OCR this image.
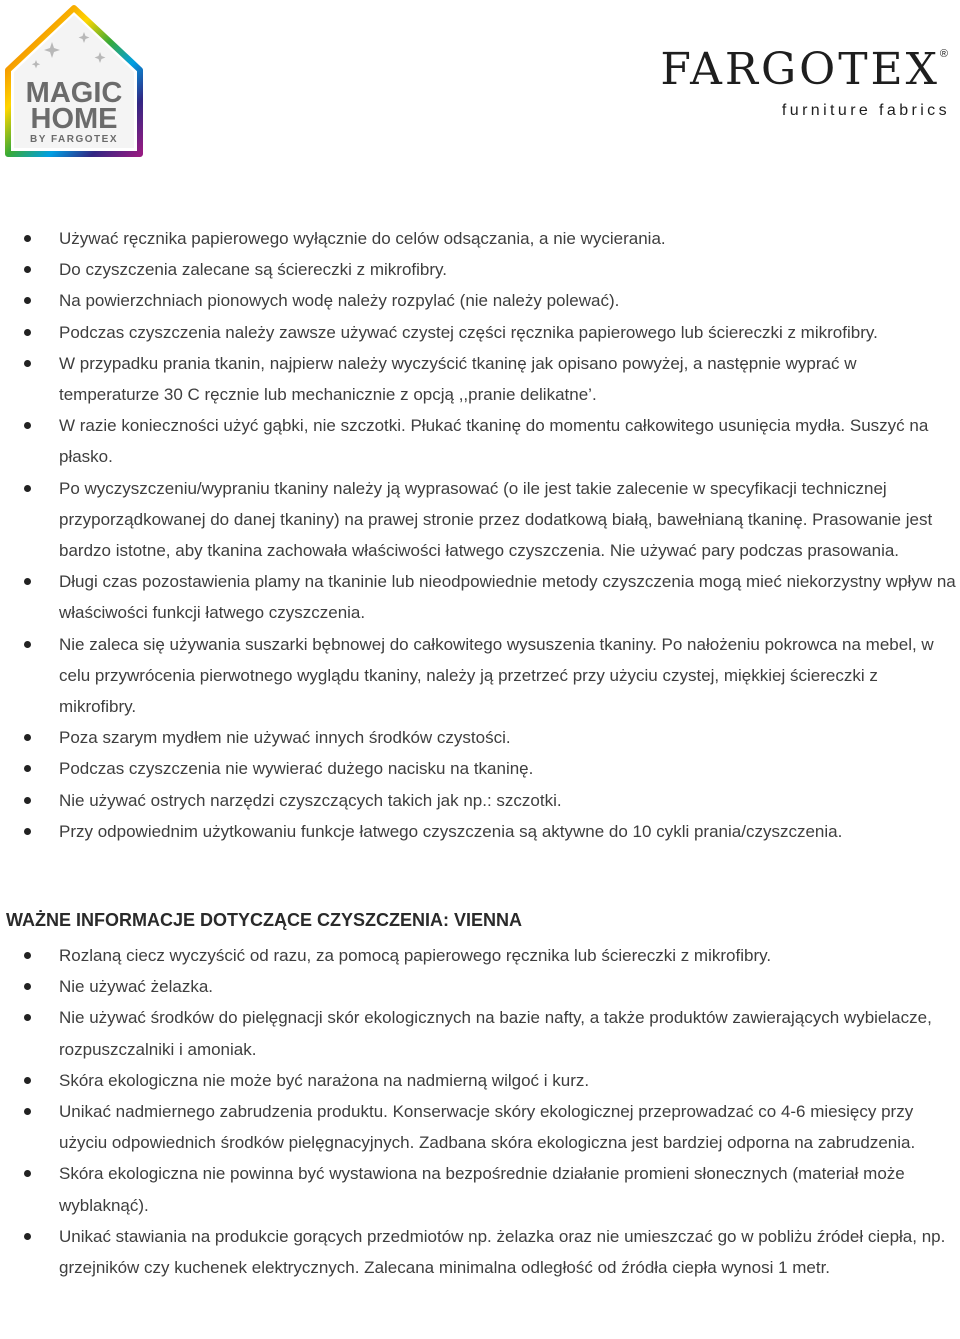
MAGIC
HOME
BY FARGOTEX
FARGOTEX ®
furniture fabrics
Używać ręcznika papierowego wyłącznie do celów odsączania, a nie wycierania.
Do czyszczenia zalecane są ściereczki z mikrofibry.
Na powierzchniach pionowych wodę należy rozpylać (nie należy polewać).
Podczas czyszczenia należy zawsze używać czystej części ręcznika papierowego lub ściereczki z mikrofibry.
W przypadku prania tkanin, najpierw należy wyczyścić tkaninę jak opisano powyżej, a następnie wyprać w temperaturze 30 C ręcznie lub mechanicznie z opcją ,,pranie delikatne’.
W razie konieczności użyć gąbki, nie szczotki. Płukać tkaninę do momentu całkowitego usunięcia mydła. Suszyć na płasko.
Po wyczyszczeniu/wypraniu tkaniny należy ją wyprasować (o ile jest takie zalecenie w specyfikacji technicznej przyporządkowanej do danej tkaniny) na prawej stronie przez dodatkową białą, bawełnianą tkaninę. Prasowanie jest bardzo istotne, aby tkanina zachowała właściwości łatwego czyszczenia. Nie używać pary podczas prasowania.
Długi czas pozostawienia plamy na tkaninie lub nieodpowiednie metody czyszczenia mogą mieć niekorzystny wpływ na właściwości funkcji łatwego czyszczenia.
Nie zaleca się używania suszarki bębnowej do całkowitego wysuszenia tkaniny. Po nałożeniu pokrowca na mebel, w celu przywrócenia pierwotnego wyglądu tkaniny, należy ją przetrzeć przy użyciu czystej, miękkiej ściereczki z mikrofibry.
Poza szarym mydłem nie używać innych środków czystości.
Podczas czyszczenia nie wywierać dużego nacisku na tkaninę.
Nie używać ostrych narzędzi czyszczących takich jak np.: szczotki.
Przy odpowiednim użytkowaniu funkcje łatwego czyszczenia są aktywne do 10 cykli prania/czyszczenia.
WAŻNE INFORMACJE DOTYCZĄCE CZYSZCZENIA: VIENNA
Rozlaną ciecz wyczyścić od razu, za pomocą papierowego ręcznika lub ściereczki z mikrofibry.
Nie używać żelazka.
Nie używać środków do pielęgnacji skór ekologicznych na bazie nafty, a także produktów zawierających wybielacze, rozpuszczalniki i amoniak.
Skóra ekologiczna nie może być narażona na nadmierną wilgoć i kurz.
Unikać nadmiernego zabrudzenia produktu. Konserwacje skóry ekologicznej przeprowadzać co 4-6 miesięcy przy użyciu odpowiednich środków pielęgnacyjnych. Zadbana skóra ekologiczna jest bardziej odporna na zabrudzenia.
Skóra ekologiczna nie powinna być wystawiona na bezpośrednie działanie promieni słonecznych (materiał może wyblaknąć).
Unikać stawiania na produkcie gorących przedmiotów np. żelazka oraz nie umieszczać go w pobliżu źródeł ciepła, np. grzejników czy kuchenek elektrycznych. Zalecana minimalna odległość od źródła ciepła wynosi 1 metr.
